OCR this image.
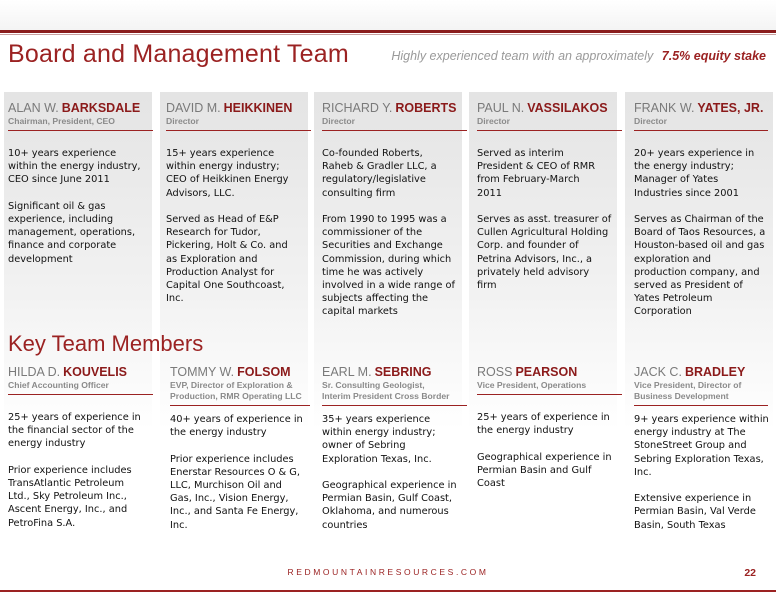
Board and Management Team	Highly experienced team with an approximately 7.5% equity stake
ALAN W. BARKSDALE
Chairman, President, CEO
10+ years experience
within the energy industry,
CEO since June 2011

Significant oil & gas
experience, including
management, operations,
finance and corporate
development
DAVID M. HEIKKINEN
Director
15+ years experience
within energy industry;
CEO of Heikkinen Energy
Advisors, LLC.

Served as Head of E&P
Research for Tudor,
Pickering, Holt & Co. and
as Exploration and
Production Analyst for
Capital One Southcoast,
Inc.
RICHARD Y. ROBERTS
Director
Co-founded Roberts,
Raheb & Gradler LLC, a
regulatory/legislative
consulting firm

From 1990 to 1995 was a
commissioner of the
Securities and Exchange
Commission, during which
time he was actively
involved in a wide range of
subjects affecting the
capital markets
PAUL N. VASSILAKOS
Director
Served as interim
President & CEO of RMR
from February-March
2011

Serves as asst. treasurer of
Cullen Agricultural Holding
Corp. and founder of
Petrina Advisors, Inc., a
privately held advisory
firm
FRANK W. YATES, JR.
Director
20+ years experience in
the energy industry;
Manager of Yates
Industries since 2001

Serves as Chairman of the
Board of Taos Resources, a
Houston-based oil and gas
exploration and
production company, and
served as President of
Yates Petroleum
Corporation
Key Team Members
HILDA D. KOUVELIS
Chief Accounting Officer
25+ years of experience in
the financial sector of the
energy industry

Prior experience includes
TransAtlantic Petroleum
Ltd., Sky Petroleum Inc.,
Ascent Energy, Inc., and
PetroFina S.A.
TOMMY W. FOLSOM
EVP, Director of Exploration &
Production, RMR Operating LLC
40+ years of experience in
the energy industry

Prior experience includes
Enerstar Resources O & G,
LLC, Murchison Oil and
Gas, Inc., Vision Energy,
Inc., and Santa Fe Energy,
Inc.
EARL M. SEBRING
Sr. Consulting Geologist,
Interim President Cross Border
35+ years experience
within energy industry;
owner of Sebring
Exploration Texas, Inc.

Geographical experience in
Permian Basin, Gulf Coast,
Oklahoma, and numerous
countries
ROSS PEARSON
Vice President, Operations
25+ years of experience in
the energy industry

Geographical experience in
Permian Basin and Gulf
Coast
JACK C. BRADLEY
Vice President, Director of
Business Development
9+ years experience within
energy industry at The
StoneStreet Group and
Sebring Exploration Texas,
Inc.

Extensive experience in
Permian Basin, Val Verde
Basin, South Texas
REDMOUNTAINRESOURCES.COM	22
